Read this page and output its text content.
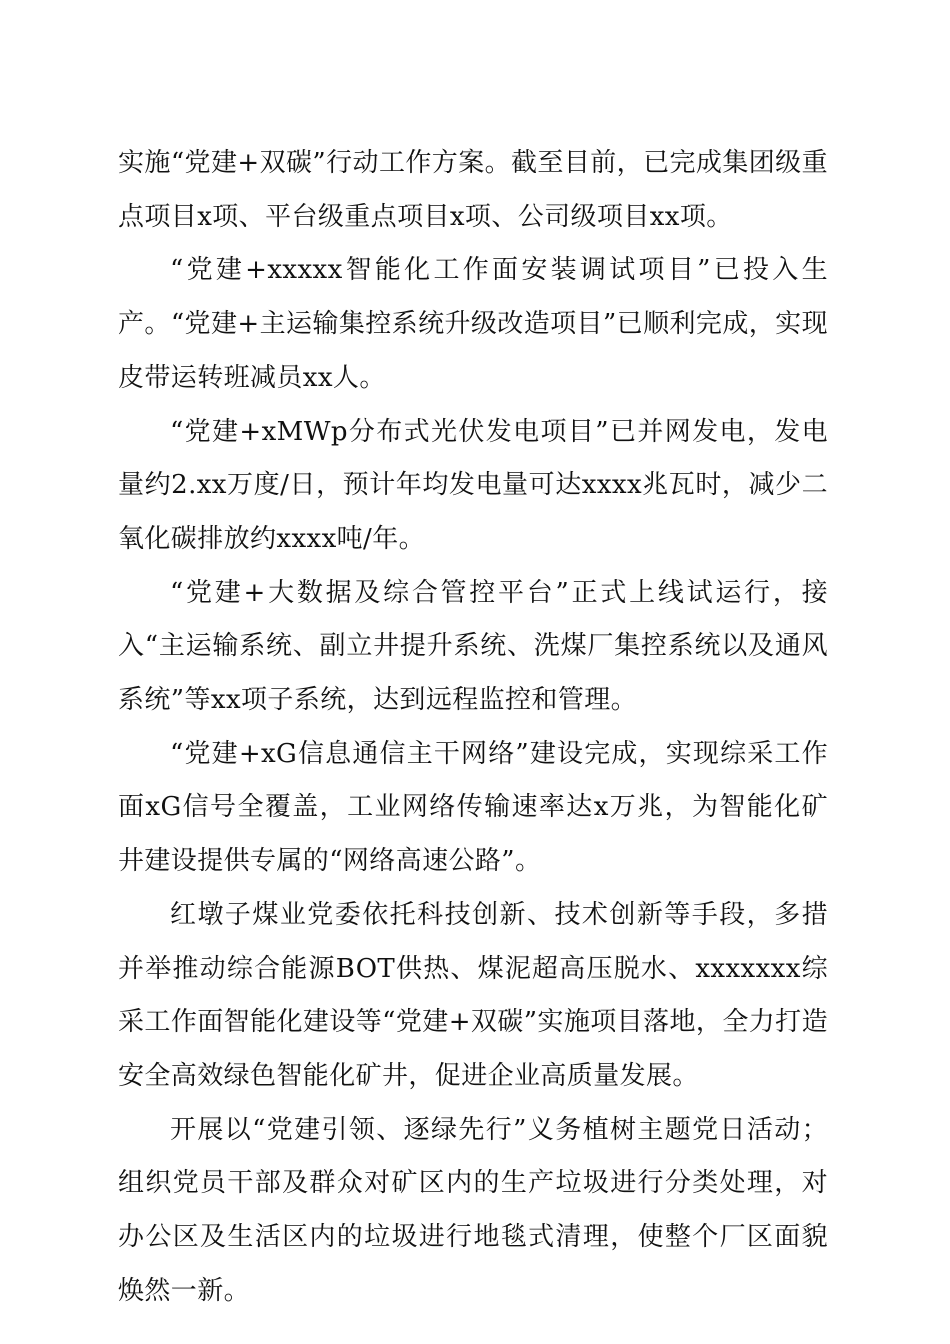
实施“党建+双碳”行动工作方案。截至目前，已完成集团级重点项目x项、平台级重点项目x项、公司级项目xx项。

“党建+xxxxx智能化工作面安装调试项目”已投入生产。“党建+主运输集控系统升级改造项目”已顺利完成，实现皮带运转班减员xx人。

“党建+xMWp分布式光伏发电项目”已并网发电，发电量约2.xx万度/日，预计年均发电量可达xxxx兆瓦时，减少二氧化碳排放约xxxx吨/年。

“党建+大数据及综合管控平台”正式上线试运行，接入“主运输系统、副立井提升系统、洗煤厂集控系统以及通风系统”等xx项子系统，达到远程监控和管理。

“党建+xG信息通信主干网络”建设完成，实现综采工作面xG信号全覆盖，工业网络传输速率达x万兆，为智能化矿井建设提供专属的“网络高速公路”。

红墩子煤业党委依托科技创新、技术创新等手段，多措并举推动综合能源BOT供热、煤泥超高压脱水、xxxxxxx综采工作面智能化建设等“党建+双碳”实施项目落地，全力打造安全高效绿色智能化矿井，促进企业高质量发展。

开展以“党建引领、逐绿先行”义务植树主题党日活动；组织党员干部及群众对矿区内的生产垃圾进行分类处理，对办公区及生活区内的垃圾进行地毯式清理，使整个厂区面貌焕然一新。
